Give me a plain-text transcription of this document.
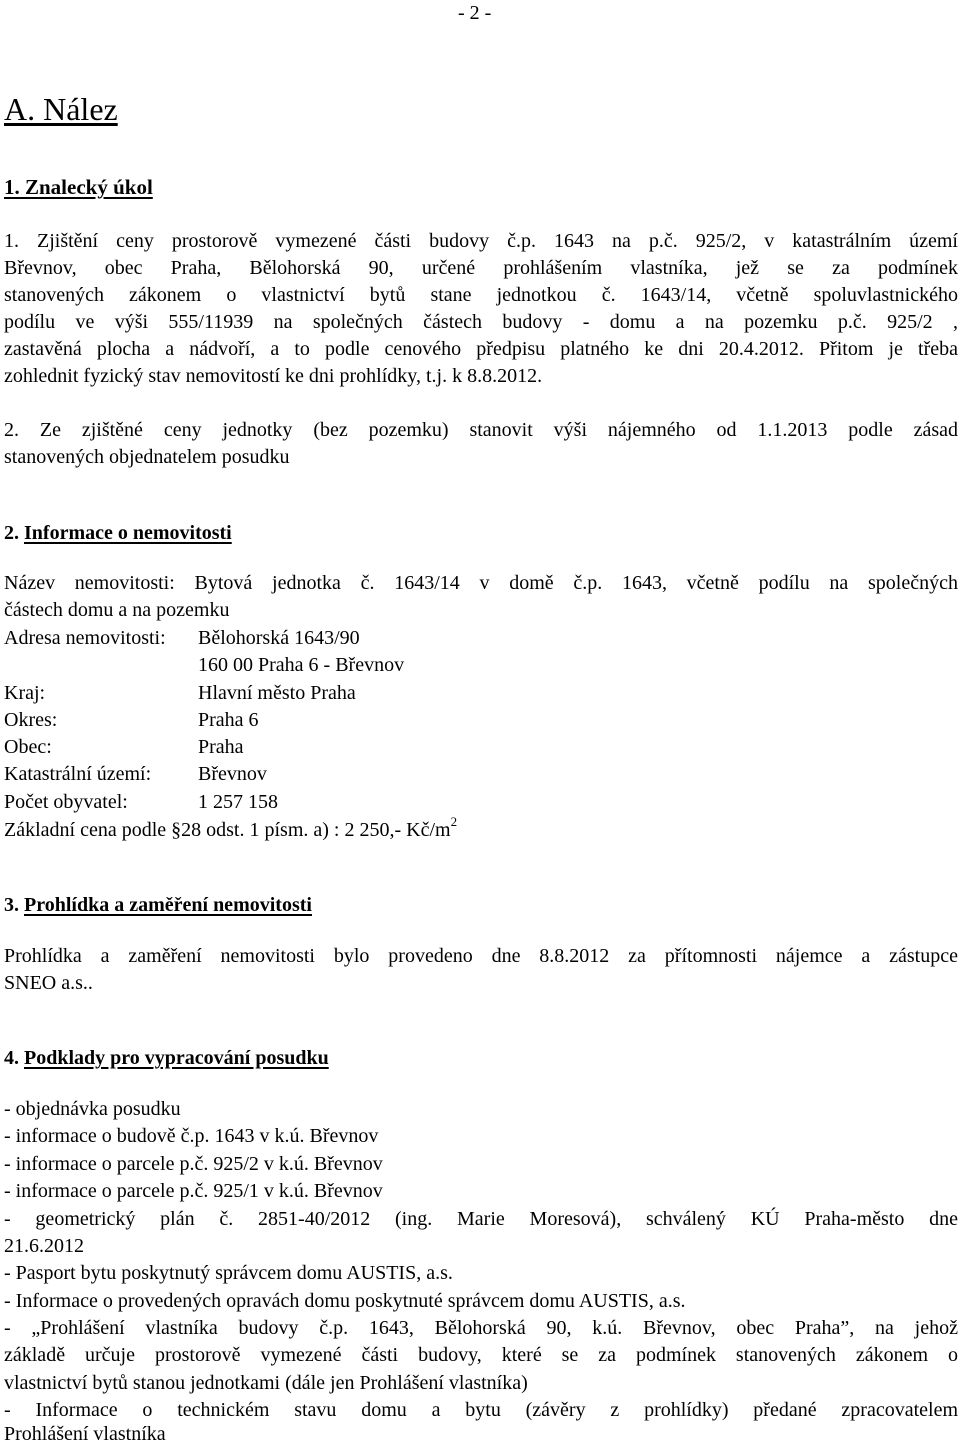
- 2 -
A. Nález
1. Znalecký úkol
1. Zjištění ceny prostorově vymezené části budovy č.p. 1643 na p.č. 925/2, v katastrálním území
Břevnov, obec Praha, Bělohorská 90, určené prohlášením vlastníka, jež se za podmínek
stanovených zákonem o vlastnictví bytů stane jednotkou č. 1643/14, včetně spoluvlastnického
podílu ve výši 555/11939 na společných částech budovy - domu a na pozemku p.č. 925/2 ,
zastavěná plocha a nádvoří, a to podle cenového předpisu platného ke dni 20.4.2012. Přitom je třeba
zohlednit fyzický stav nemovitostí ke dni prohlídky, t.j. k 8.8.2012.
2. Ze zjištěné ceny jednotky (bez pozemku) stanovit výši nájemného od 1.1.2013 podle zásad
stanovených objednatelem posudku
2. Informace o nemovitosti
Název nemovitosti: Bytová jednotka č. 1643/14 v domě č.p. 1643, včetně podílu na společných
částech domu a na pozemku
Adresa nemovitosti: Bělohorská 1643/90
160 00 Praha 6 - Břevnov
Kraj:	Hlavní město Praha
Okres:	Praha 6
Obec:	Praha
Katastrální území: Břevnov
Počet obyvatel:	1 257 158
Základní cena podle §28 odst. 1 písm. a) : 2 250,- $Kč/m^2$
3. Prohlídka a zaměření nemovitosti
Prohlídka a zaměření nemovitosti bylo provedeno dne 8.8.2012 za přítomnosti nájemce a zástupce
SNEO a.s..
4. Podklady pro vypracování posudku
- objednávka posudku
- informace o budově č.p. 1643 v k.ú. Břevnov
- informace o parcele p.č. 925/2 v k.ú. Břevnov
- informace o parcele p.č. 925/1 v k.ú. Břevnov
- geometrický plán č. 2851-40/2012 (ing. Marie Moresová), schválený KÚ Praha-město dne
21.6.2012
- Pasport bytu poskytnutý správcem domu AUSTIS, a.s.
- Informace o provedených opravách domu poskytnuté správcem domu AUSTIS, a.s.
- „Prohlášení vlastníka budovy č.p. 1643, Bělohorská 90, k.ú. Břevnov, obec Praha”, na jehož
základě určuje prostorově vymezené části budovy, které se za podmínek stanovených zákonem o
vlastnictví bytů stanou jednotkami (dále jen Prohlášení vlastníka)
- Informace o technickém stavu domu a bytu (závěry z prohlídky) předané zpracovatelem
Prohlášení vlastníka
